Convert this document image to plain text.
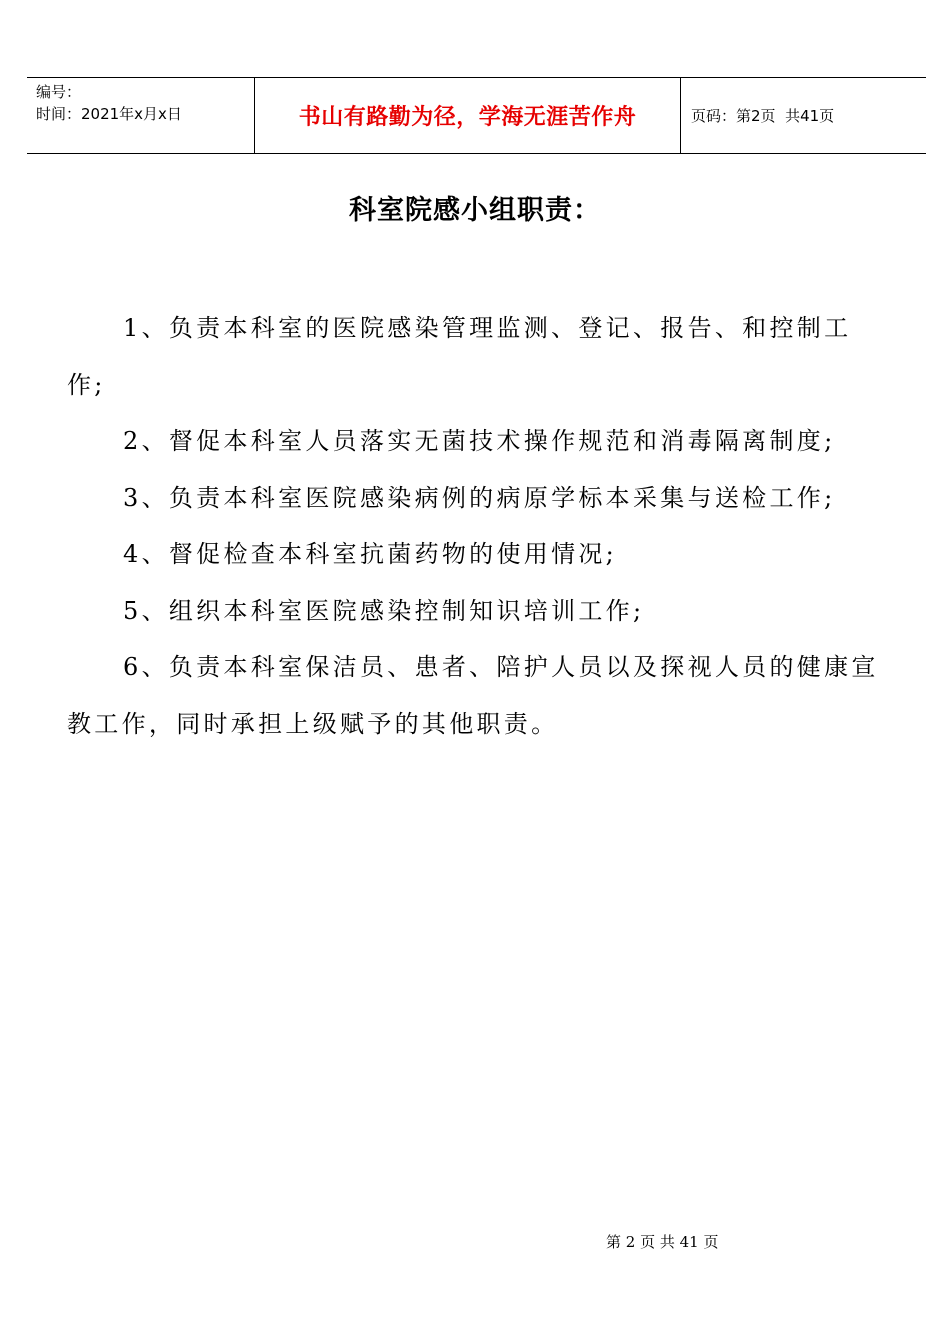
编号：
时间：2021年x月x日	书山有路勤为径，学海无涯苦作舟	页码：第2页  共41页
科室院感小组职责：

1、负责本科室的医院感染管理监测、登记、报告、和控制工作;

2、督促本科室人员落实无菌技术操作规范和消毒隔离制度;

3、负责本科室医院感染病例的病原学标本采集与送检工作;

4、督促检查本科室抗菌药物的使用情况;

5、组织本科室医院感染控制知识培训工作;

6、负责本科室保洁员、患者、陪护人员以及探视人员的健康宣教工作，同时承担上级赋予的其他职责。

第 2 页 共 41 页
